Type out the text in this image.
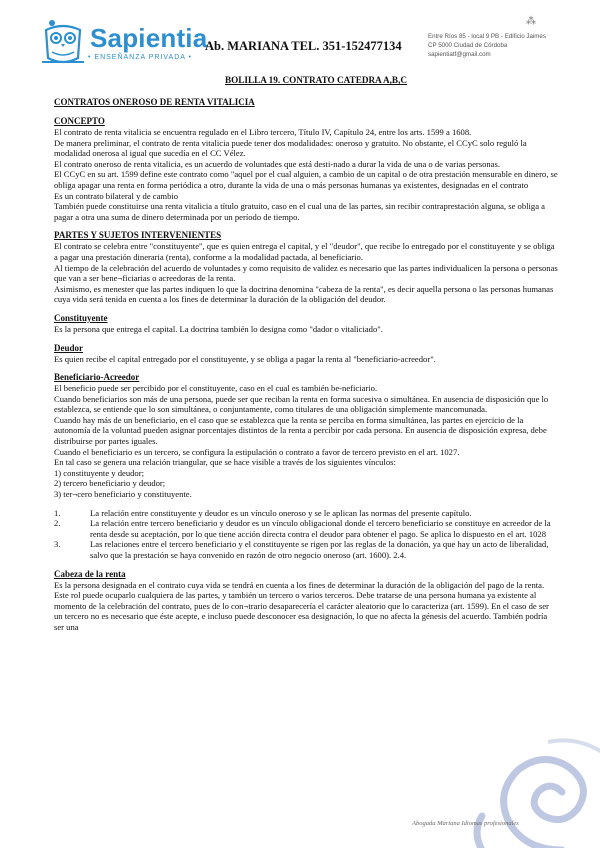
Sapientia
• ENSEÑANZA PRIVADA •
Ab. MARIANA TEL. 351-152477134
⁂
Entre Ríos 85 - local 9 PB - Edificio Jaimes
CP 5000 Ciudad de Córdoba
sapientiatf@gmail.com
BOLILLA 19. CONTRATO CATEDRA A,B,C
CONTRATOS ONEROSO DE RENTA VITALICIA
CONCEPTO

El contrato de renta vitalicia se encuentra regulado en el Libro tercero, Título IV, Capítulo 24, entre los arts. 1599 a 1608.

De manera preliminar, el contrato de renta vitalicia puede tener dos modalidades: oneroso y gratuito. No obstante, el CCyC solo reguló la modalidad onerosa al igual que sucedía en el CC Vélez.

El contrato oneroso de renta vitalicia, es un acuerdo de voluntades que está desti-nado a durar la vida de una o de varias personas.

El CCyC en su art. 1599 define este contrato como "aquel por el cual alguien, a cambio de un capital o de otra prestación mensurable en dinero, se obliga apagar una renta en forma periódica a otro, durante la vida de una o más personas humanas ya existentes, designadas en el contrato

Es un contrato bilateral y de cambio

También puede constituirse una renta vitalicia a título gratuito, caso en el cual una de las partes, sin recibir contraprestación alguna, se obliga a pagar a otra una suma de dinero determinada por un período de tiempo.

PARTES Y SUJETOS INTERVENIENTES

El contrato se celebra entre "constituyente", que es quien entrega el capital, y el "deudor", que recibe lo entregado por el constituyente y se obliga a pagar una prestación dineraria (renta), conforme a la modalidad pactada, al beneficiario.

Al tiempo de la celebración del acuerdo de voluntades y como requisito de validez es necesario que las partes individualicen la persona o personas que van a ser bene¬ficiarias o acreedoras de la renta.

Asimismo, es menester que las partes indiquen lo que la doctrina denomina "cabeza de la renta", es decir aquella persona o las personas humanas cuya vida será tenida en cuenta a los fines de determinar la duración de la obligación del deudor.

Constituyente

Es la persona que entrega el capital. La doctrina también lo designa como "dador o vitaliciado".

Deudor

Es quien recibe el capital entregado por el constituyente, y se obliga a pagar la renta al "beneficiario-acreedor".

Beneficiario-Acreedor

El beneficio puede ser percibido por el constituyente, caso en el cual es también be-neficiario.

Cuando beneficiarios son más de una persona, puede ser que reciban la renta en forma sucesiva o simultánea. En ausencia de disposición que lo establezca, se entiende que lo son simultánea, o conjuntamente, como titulares de una obligación simplemente mancomunada.

Cuando hay más de un beneficiario, en el caso que se establezca que la renta se perciba en forma simultánea, las partes en ejercicio de la autonomía de la voluntad pueden asignar porcentajes distintos de la renta a percibir por cada persona. En ausencia de disposición expresa, debe distribuirse por partes iguales.

Cuando el beneficiario es un tercero, se configura la estipulación o contrato a favor de tercero previsto en el art. 1027.

En tal caso se genera una relación triangular, que se hace visible a través de los siguientes vínculos:

1) constituyente y deudor;

2) tercero beneficiario y deudor;

3) ter¬cero beneficiario y constituyente.

1.	La relación entre constituyente y deudor es un vínculo oneroso y se le aplican las normas del presente capítulo.
2.	La relación entre tercero beneficiario y deudor es un vínculo obligacional donde el tercero beneficiario se constituye en acreedor de la renta desde su aceptación, por lo que tiene acción directa contra el deudor para obtener el pago. Se aplica lo dispuesto en el art. 1028
3.	Las relaciones entre el tercero beneficiario y el constituyente se rigen por las reglas de la donación, ya que hay un acto de liberalidad, salvo que la prestación se haya convenido en razón de otro negocio oneroso (art. 1600). 2.4.
Cabeza de la renta

Es la persona designada en el contrato cuya vida se tendrá en cuenta a los fines de determinar la duración de la obligación del pago de la renta. Este rol puede ocuparlo cualquiera de las partes, y también un tercero o varios terceros. Debe tratarse de una persona humana ya existente al momento de la celebración del contrato, pues de lo con¬trario desaparecería el carácter aleatorio que lo caracteriza (art. 1599). En el caso de ser un tercero no es necesario que éste acepte, e incluso puede desconocer esa designación, lo que no afecta la génesis del acuerdo. También podría ser una

Abogada Mariana Idiomas profesionales
